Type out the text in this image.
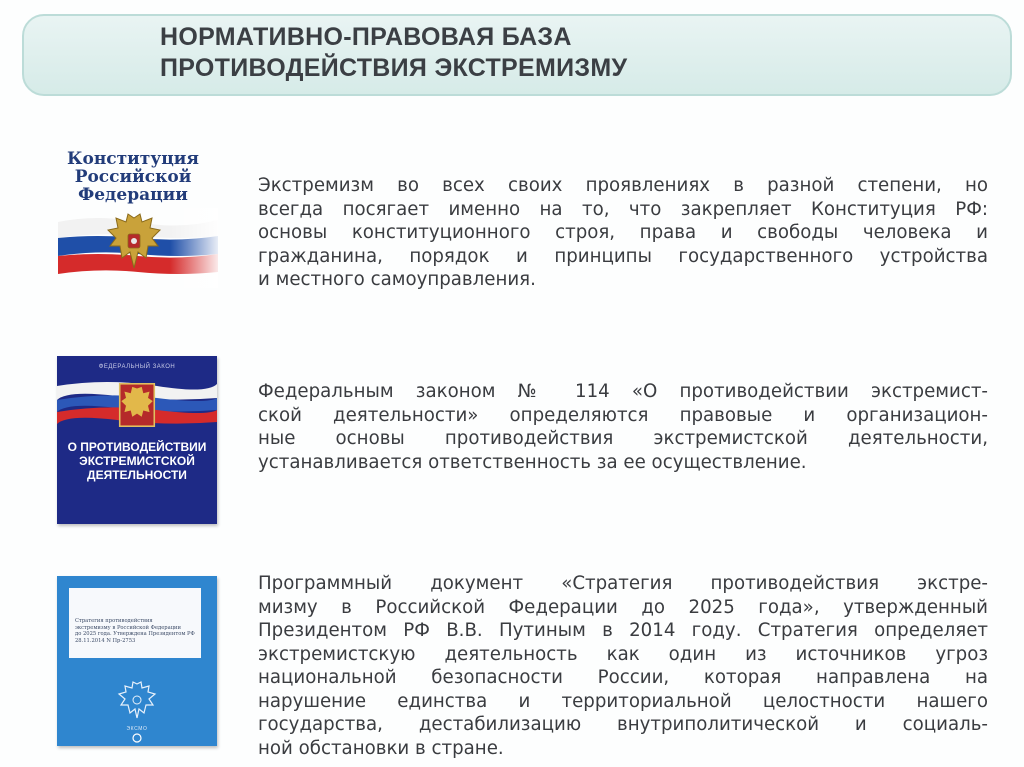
НОРМАТИВНО-ПРАВОВАЯ БАЗА
ПРОТИВОДЕЙСТВИЯ ЭКСТРЕМИЗМУ
Конституция
Российской
Федерации	Экстремизм во всех своих проявлениях в разной степени, но
всегда посягает именно на то, что закрепляет Конституция РФ:
основы конституционного строя, права и свободы человека и
гражданина, порядок и принципы государственного устройства
и местного самоуправления.
ФЕДЕРАЛЬНЫЙ ЗАКОН
О ПРОТИВОДЕЙСТВИИ
ЭКСТРЕМИСТСКОЙ
ДЕЯТЕЛЬНОСТИ
Федеральным законом № 114 «О противодействии экстремист-
ской деятельности» определяются правовые и организацион-
ные основы противодействия экстремистской деятельности,
устанавливается ответственность за ее осуществление.
Стратегия противодействия
экстремизму в Российской Федерации
до 2025 года. Утверждена Президентом РФ
28.11.2014 N Пр-2753
ЭКСМО
Программный документ «Стратегия противодействия экстре-
мизму в Российской Федерации до 2025 года», утвержденный
Президентом РФ В.В. Путиным в 2014 году. Стратегия определяет
экстремистскую деятельность как один из источников угроз
национальной безопасности России, которая направлена на
нарушение единства и территориальной целостности нашего
государства, дестабилизацию внутриполитической и социаль-
ной обстановки в стране.
